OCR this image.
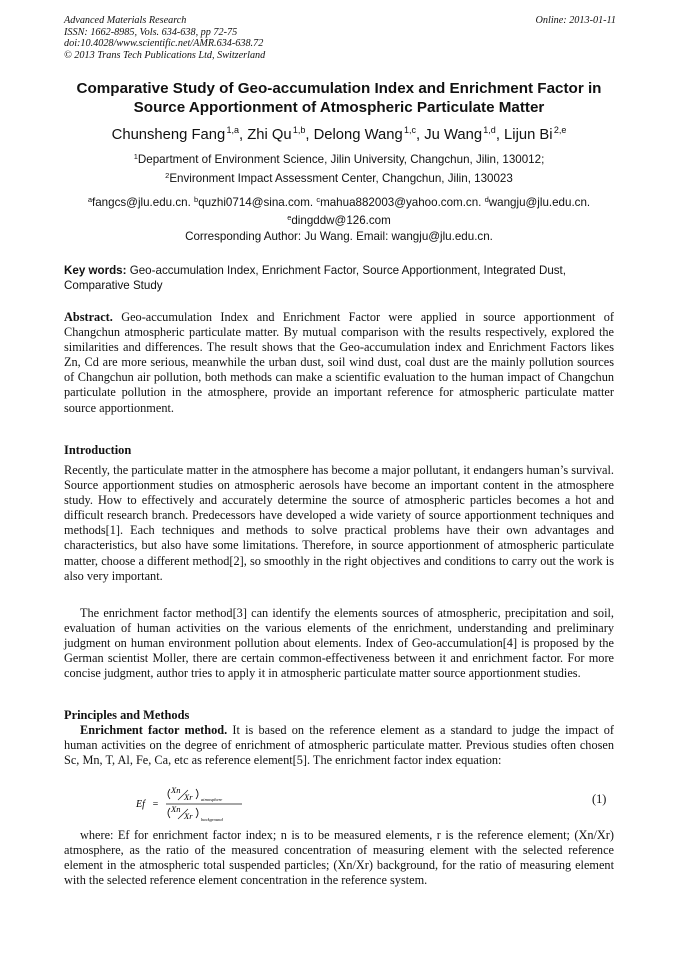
Advanced Materials Research
ISSN: 1662-8985, Vols. 634-638, pp 72-75
doi:10.4028/www.scientific.net/AMR.634-638.72
© 2013 Trans Tech Publications Ltd, Switzerland
Online: 2013-01-11
Comparative Study of Geo-accumulation Index and Enrichment Factor in
Source Apportionment of Atmospheric Particulate Matter
Chunsheng Fang $^{1,a}$, Zhi Qu $^{1,b}$, Delong Wang $^{1,c}$, Ju Wang $^{1,d}$, Lijun Bi $^{2,e}$
$^1$Department of Environment Science, Jilin University, Changchun, Jilin, 130012;
$^2$Environment Impact Assessment Center, Changchun, Jilin, 130023
$^a$fangcs@jlu.edu.cn. $^b$quzhi0714@sina.com. $^c$mahua882003@yahoo.com.cn. $^d$wangju@jlu.edu.cn.
$^e$dingddw@126.com
Corresponding Author: Ju Wang. Email: wangju@jlu.edu.cn.
Key words: Geo-accumulation Index, Enrichment Factor, Source Apportionment, Integrated Dust, Comparative Study
Abstract. Geo-accumulation Index and Enrichment Factor were applied in source apportionment of Changchun atmospheric particulate matter. By mutual comparison with the results respectively, explored the similarities and differences. The result shows that the Geo-accumulation index and Enrichment Factors likes Zn, Cd are more serious, meanwhile the urban dust, soil wind dust, coal dust are the mainly pollution sources of Changchun air pollution, both methods can make a scientific evaluation to the human impact of Changchun particulate pollution in the atmosphere, provide an important reference for atmospheric particulate matter source apportionment.
Introduction
Recently, the particulate matter in the atmosphere has become a major pollutant, it endangers human’s survival. Source apportionment studies on atmospheric aerosols have become an important content in the atmosphere study. How to effectively and accurately determine the source of atmospheric particles becomes a hot and difficult research branch. Predecessors have developed a wide variety of source apportionment techniques and methods[1]. Each techniques and methods to solve practical problems have their own advantages and characteristics, but also have some limitations. Therefore, in source apportionment of atmospheric particulate matter, choose a different method[2], so smoothly in the right objectives and conditions to carry out the work is also very important.
The enrichment factor method[3] can identify the elements sources of atmospheric, precipitation and soil, evaluation of human activities on the various elements of the enrichment, understanding and preliminary judgment on human environment pollution about elements. Index of Geo-accumulation[4] is proposed by the German scientist Moller, there are certain common-effectiveness between it and enrichment factor. For more concise judgment, author tries to apply it in atmospheric particulate matter source apportionment studies.
Principles and Methods
Enrichment factor method. It is based on the reference element as a standard to judge the impact of human activities on the degree of enrichment of atmospheric particulate matter. Previous studies often chosen Sc, Mn, T, Al, Fe, Ca, etc as reference element[5]. The enrichment factor index equation:
Ef =
Xn
Xr atmosphere
Xn
Xr background
(1)
where: Ef for enrichment factor index; n is to be measured elements, r is the reference element; (Xn/Xr) atmosphere, as the ratio of the measured concentration of measuring element with the selected reference element in the atmospheric total suspended particles; (Xn/Xr) background, for the ratio of measuring element with the selected reference element concentration in the reference system.
